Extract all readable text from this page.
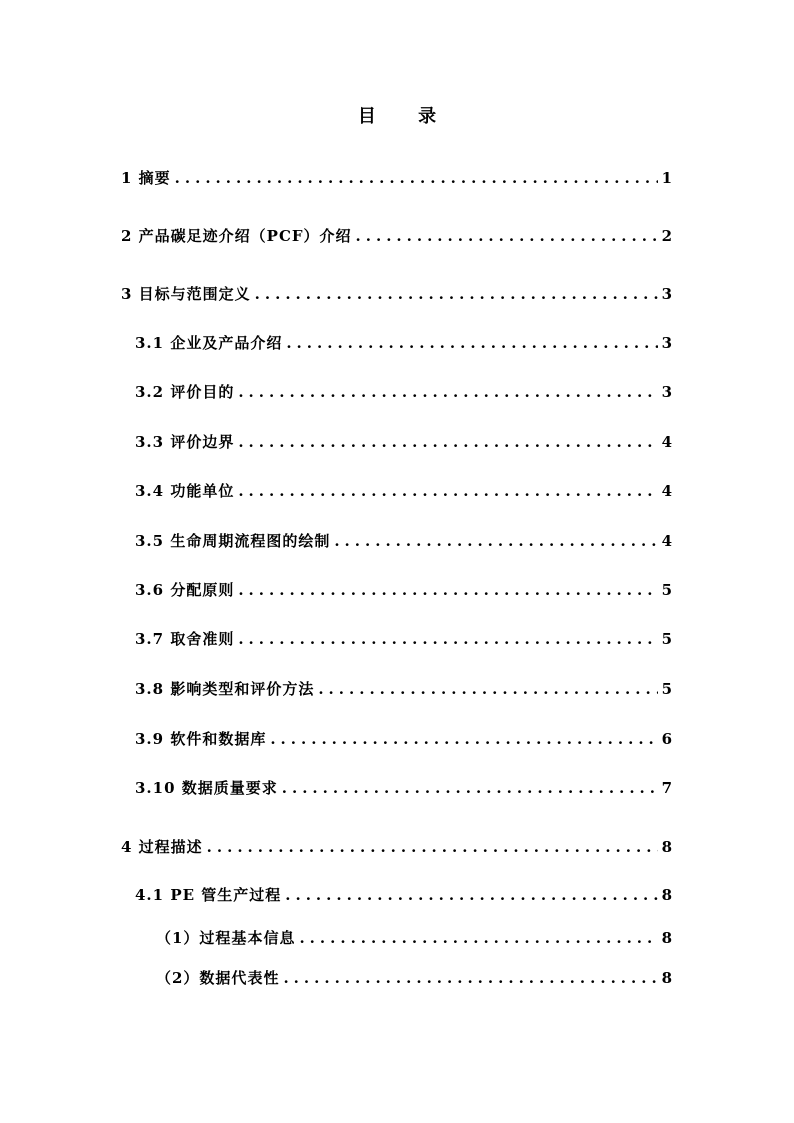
目 录
1 摘要 .....	1
2 产品碳足迹介绍（PCF）介绍 .....	2
3 目标与范围定义 .....	3
3.1 企业及产品介绍 .....	3
3.2 评价目的 .....	3
3.3 评价边界 .....	4
3.4 功能单位 .....	4
3.5 生命周期流程图的绘制 .....	4
3.6 分配原则 .....	5
3.7 取舍准则 .....	5
3.8 影响类型和评价方法 .....	5
3.9 软件和数据库 .....	6
3.10 数据质量要求 .....	7
4 过程描述 .....	8
4.1 PE 管生产过程 .....	8
（1）过程基本信息 .....	8
（2）数据代表性 .....	8
